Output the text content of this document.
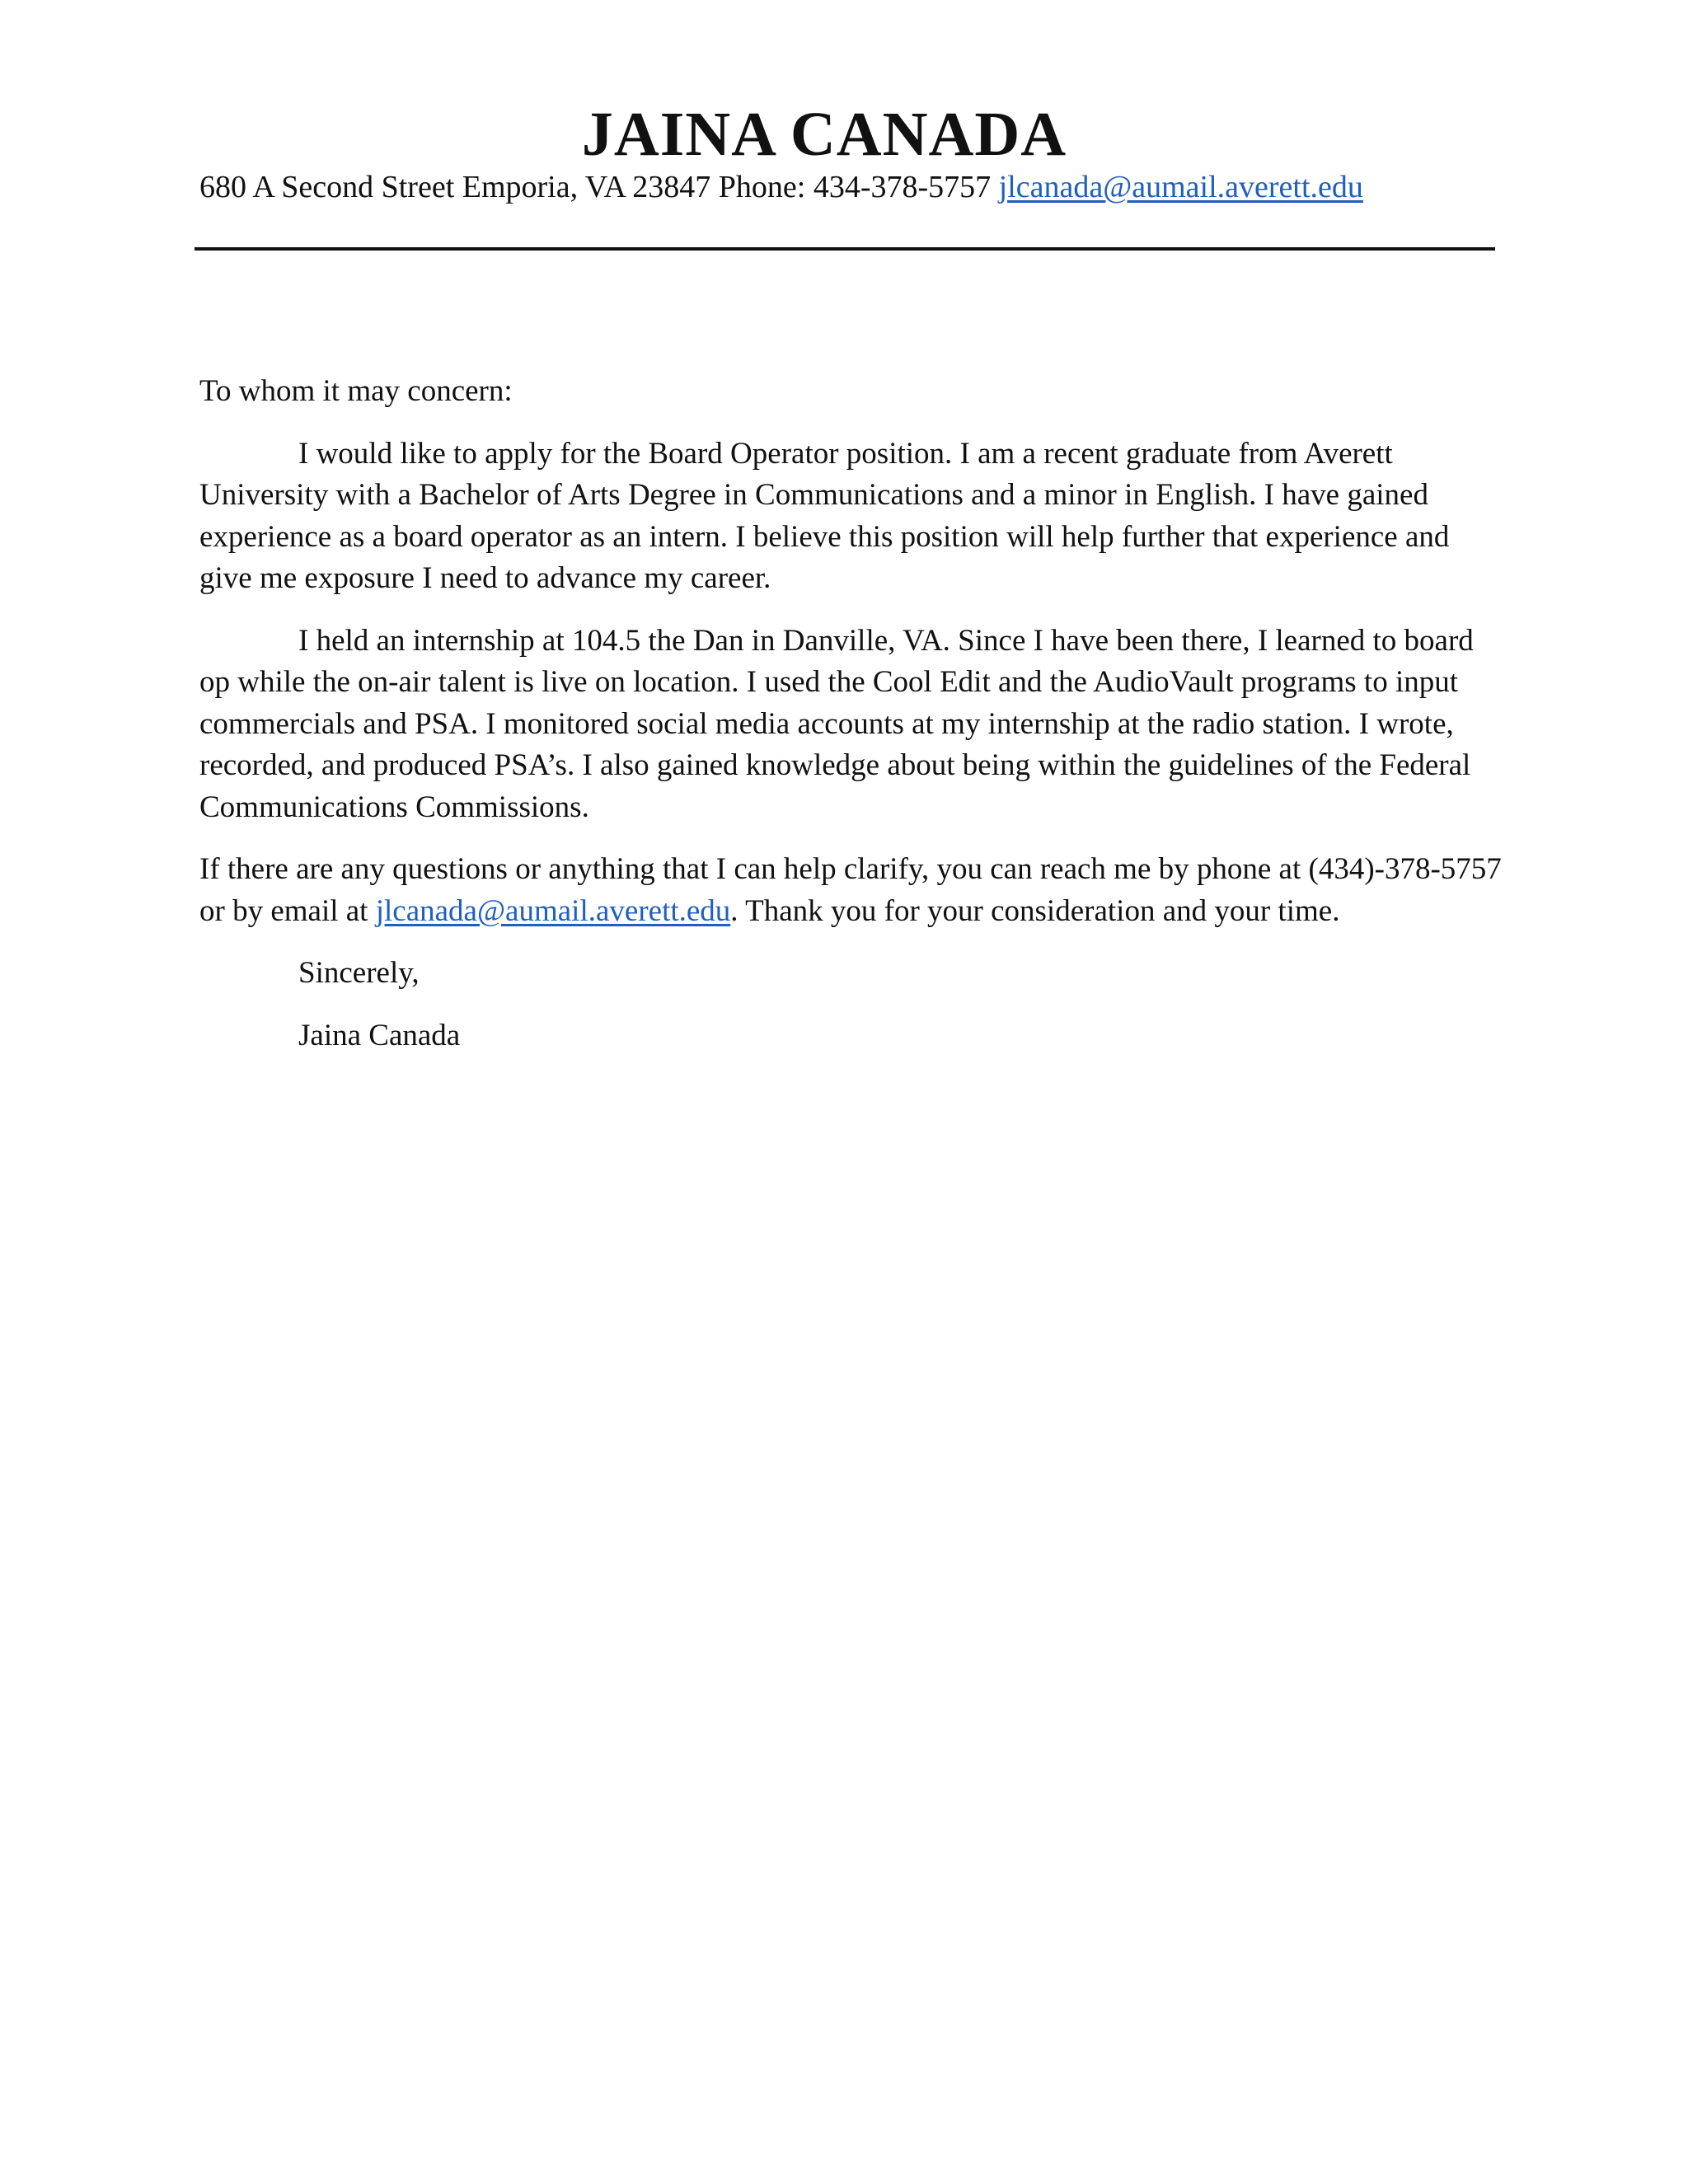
JAINA CANADA
680 A Second Street Emporia, VA 23847 Phone: 434-378-5757 jlcanada@aumail.averett.edu

To whom it may concern:

I would like to apply for the Board Operator position. I am a recent graduate from Averett University with a Bachelor of Arts Degree in Communications and a minor in English. I have gained experience as a board operator as an intern. I believe this position will help further that experience and give me exposure I need to advance my career.

I held an internship at 104.5 the Dan in Danville, VA. Since I have been there, I learned to board op while the on-air talent is live on location. I used the Cool Edit and the AudioVault programs to input commercials and PSA. I monitored social media accounts at my internship at the radio station. I wrote, recorded, and produced PSA’s. I also gained knowledge about being within the guidelines of the Federal Communications Commissions.

If there are any questions or anything that I can help clarify, you can reach me by phone at (434)-378-5757 or by email at jlcanada@aumail.averett.edu. Thank you for your consideration and your time.

Sincerely,

Jaina Canada
